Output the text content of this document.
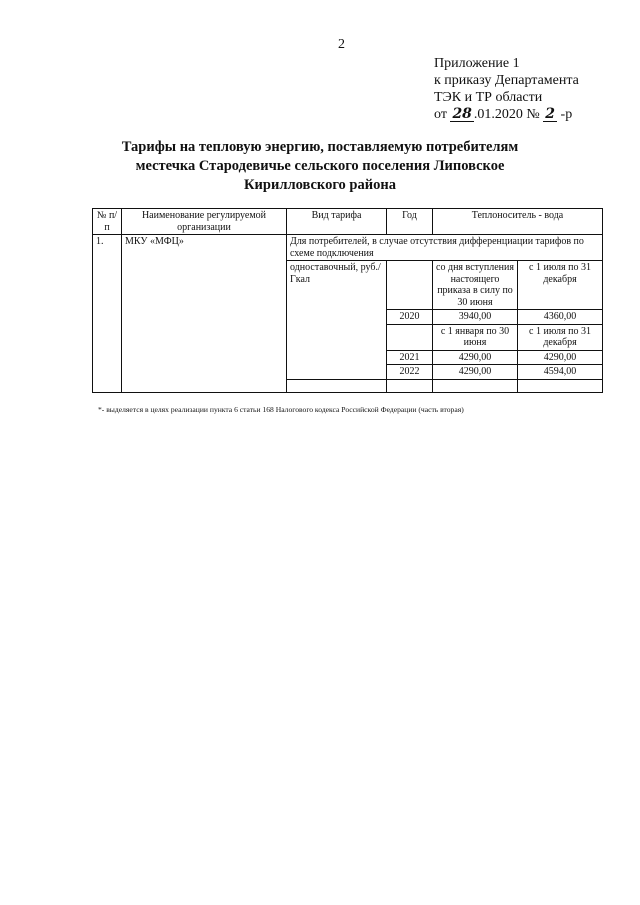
2
Приложение 1
к приказу Департамента
ТЭК и ТР области
от 28 .01.2020 № 2 -р
Тарифы на тепловую энергию, поставляемую потребителям
местечка Стародевичье сельского поселения Липовское
Кирилловского района
№ п/п	Наименование регулируемой организации	Вид тарифа	Год	Теплоноситель - вода	
1.	МКУ «МФЦ»	Для потребителей, в случае отсутствия дифференциации тарифов по схеме подключения			
		одноставочный, руб./Гкал		со дня вступления настоящего приказа в силу по 30 июня	с 1 июля по 31 декабря
			2020	3940,00	4360,00
				с 1 января по 30 июня	с 1 июля по 31 декабря
			2021	4290,00	4290,00
			2022	4290,00	4594,00

*- выделяется в целях реализации пункта 6 статьи 168 Налогового кодекса Российской Федерации (часть вторая)
